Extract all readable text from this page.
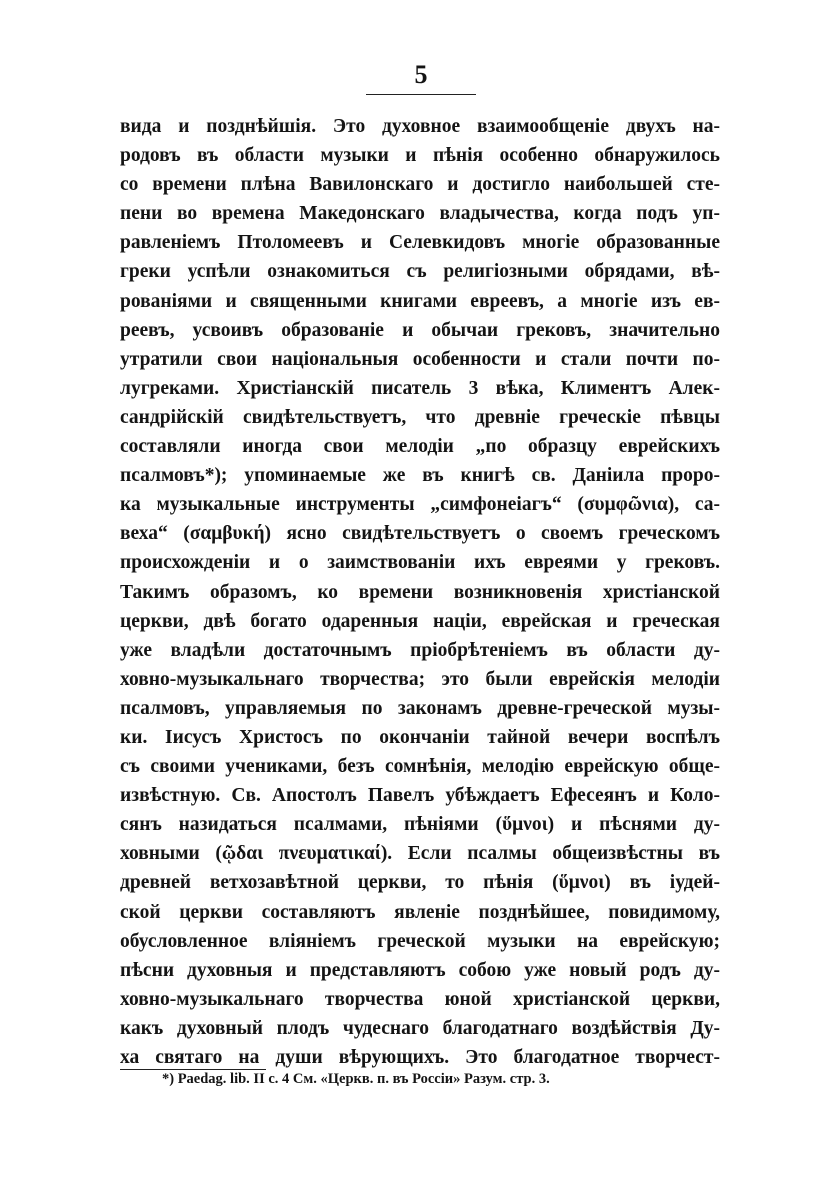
5
вида и позднѣйшія. Это духовное взаимообщеніе двухъ на-
родовъ въ области музыки и пѣнія особенно обнаружилось
со времени плѣна Вавилонскаго и достигло наибольшей сте-
пени во времена Македонскаго владычества, когда подъ уп-
равленіемъ Птоломеевъ и Селевкидовъ многіе образованные
греки успѣли ознакомиться съ религіозными обрядами, вѣ-
рованіями и священными книгами евреевъ, а многіе изъ ев-
реевъ, усвоивъ образованіе и обычаи грековъ, значительно
утратили свои національныя особенности и стали почти по-
лугреками. Христіанскій писатель 3 вѣка, Климентъ Алек-
сандрійскій свидѣтельствуетъ, что древніе греческіе пѣвцы
составляли иногда свои мелодіи „по образцу еврейскихъ
псалмовъ*); упоминаемые же въ книгѣ св. Даніила проро-
ка музыкальные инструменты „симфонеіагъ“ (συμφῶνια), са-
веха“ (σαμβυκή) ясно свидѣтельствуетъ о своемъ греческомъ
происхожденіи и о заимствованіи ихъ евреями у грековъ.
Такимъ образомъ, ко времени возникновенія христіанской
церкви, двѣ богато одаренныя націи, еврейская и греческая
уже владѣли достаточнымъ пріобрѣтеніемъ въ области ду-
ховно-музыкальнаго творчества; это были еврейскія мелодіи
псалмовъ, управляемыя по законамъ древне-греческой музы-
ки. Іисусъ Христосъ по окончаніи тайной вечери воспѣлъ
съ своими учениками, безъ сомнѣнія, мелодію еврейскую обще-
извѣстную. Св. Апостолъ Павелъ убѣждаетъ Ефесеянъ и Коло-
сянъ назидаться псалмами, пѣніями (ὕμνοι) и пѣснями ду-
ховными (ῷδαι πνευματικαί). Если псалмы общеизвѣстны въ
древней ветхозавѣтной церкви, то пѣнія (ὕμνοι) въ іудей-
ской церкви составляютъ явленіе позднѣйшее, повидимому,
обусловленное вліяніемъ греческой музыки на еврейскую;
пѣсни духовныя и представляютъ собою уже новый родъ ду-
ховно-музыкальнаго творчества юной христіанской церкви,
какъ духовный плодъ чудеснаго благодатнаго воздѣйствія Ду-
ха святаго на души вѣрующихъ. Это благодатное творчест-
*) Paedag. lib. II c. 4 См. «Церкв. п. въ Россіи» Разум. стр. 3.
